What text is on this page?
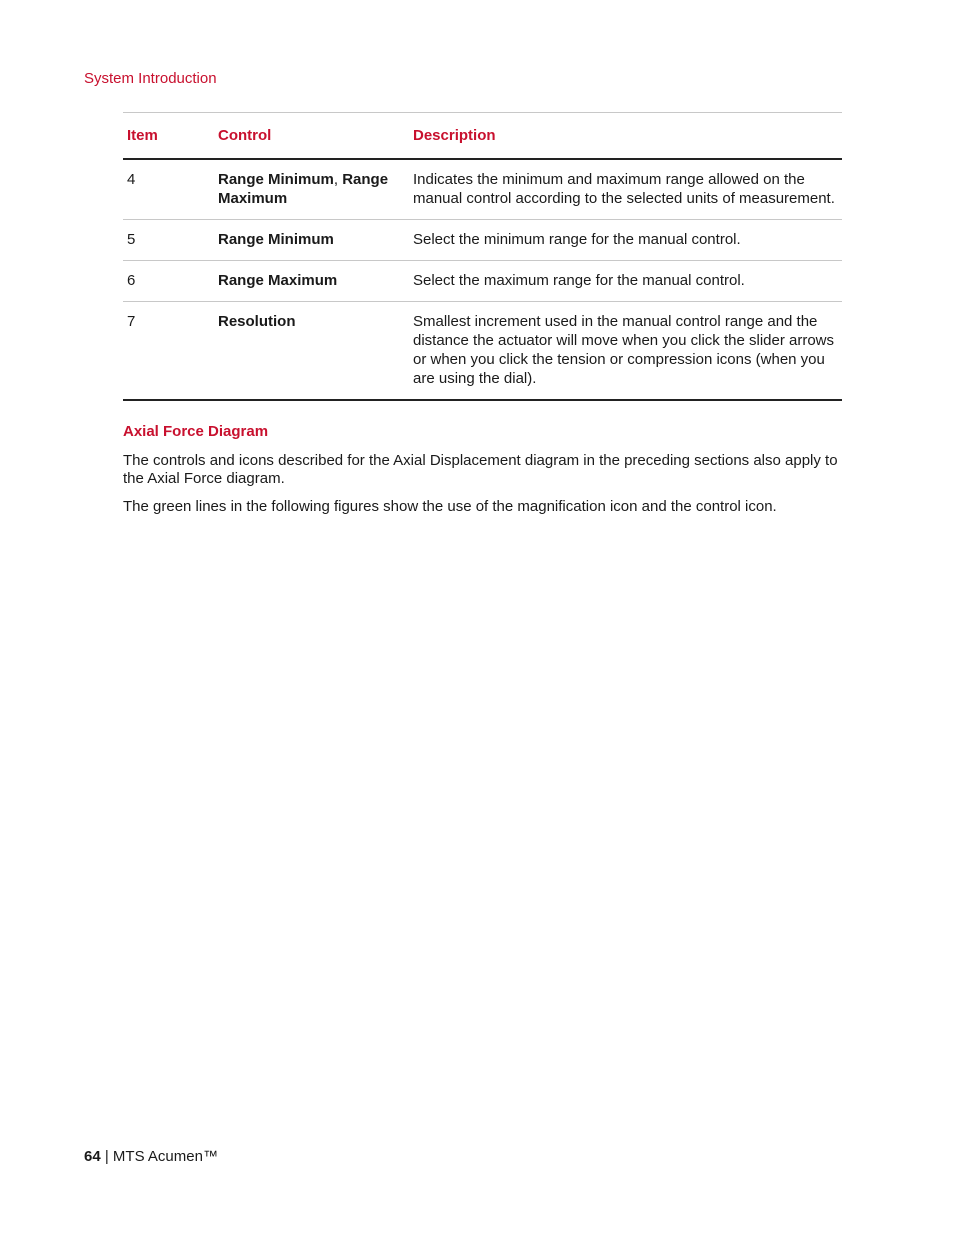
System Introduction
Item	Control	Description
4	Range Minimum, Range Maximum	Indicates the minimum and maximum range allowed on the manual control according to the selected units of measurement.
5	Range Minimum	Select the minimum range for the manual control.
6	Range Maximum	Select the maximum range for the manual control.
7	Resolution	Smallest increment used in the manual control range and the distance the actuator will move when you click the slider arrows or when you click the tension or compression icons (when you are using the dial).
Axial Force Diagram
The controls and icons described for the Axial Displacement diagram in the preceding sections also apply to the Axial Force diagram.
The green lines in the following figures show the use of the magnification icon and the control icon.
64 | MTS Acumen™
